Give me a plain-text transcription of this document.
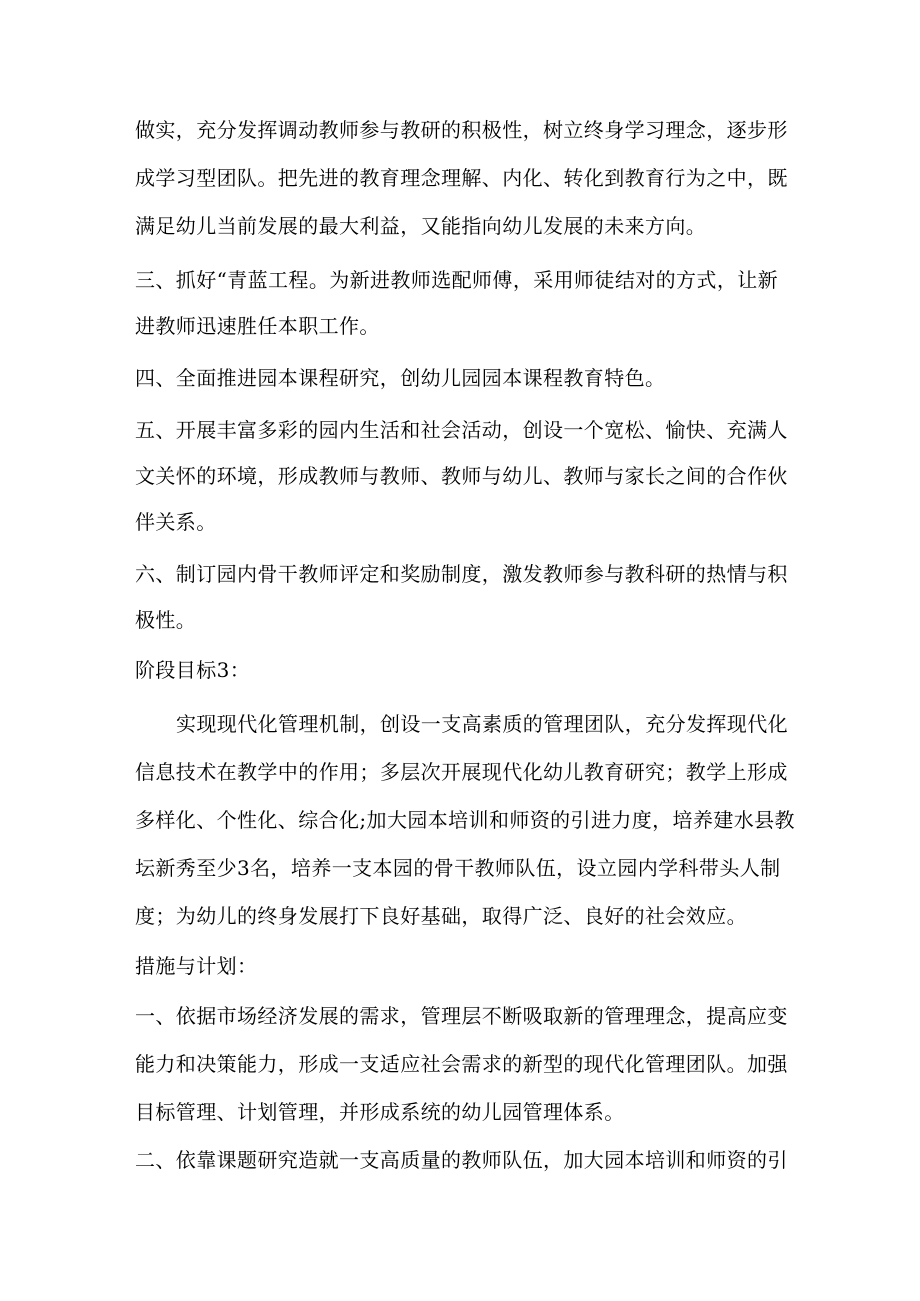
做实，充分发挥调动教师参与教研的积极性，树立终身学习理念，逐步形
成学习型团队。把先进的教育理念理解、内化、转化到教育行为之中，既
满足幼儿当前发展的最大利益，又能指向幼儿发展的未来方向。
三、抓好“青蓝工程。为新进教师选配师傅，采用师徒结对的方式，让新
进教师迅速胜任本职工作。
四、全面推进园本课程研究，创幼儿园园本课程教育特色。
五、开展丰富多彩的园内生活和社会活动，创设一个宽松、愉快、充满人
文关怀的环境，形成教师与教师、教师与幼儿、教师与家长之间的合作伙
伴关系。
六、制订园内骨干教师评定和奖励制度，激发教师参与教科研的热情与积
极性。
阶段目标3：
实现现代化管理机制，创设一支高素质的管理团队，充分发挥现代化
信息技术在教学中的作用；多层次开展现代化幼儿教育研究；教学上形成
多样化、个性化、综合化;加大园本培训和师资的引进力度，培养建水县教
坛新秀至少3名，培养一支本园的骨干教师队伍，设立园内学科带头人制
度；为幼儿的终身发展打下良好基础，取得广泛、良好的社会效应。
措施与计划：
一、依据市场经济发展的需求，管理层不断吸取新的管理理念，提高应变
能力和决策能力，形成一支适应社会需求的新型的现代化管理团队。加强
目标管理、计划管理，并形成系统的幼儿园管理体系。
二、依靠课题研究造就一支高质量的教师队伍，加大园本培训和师资的引
